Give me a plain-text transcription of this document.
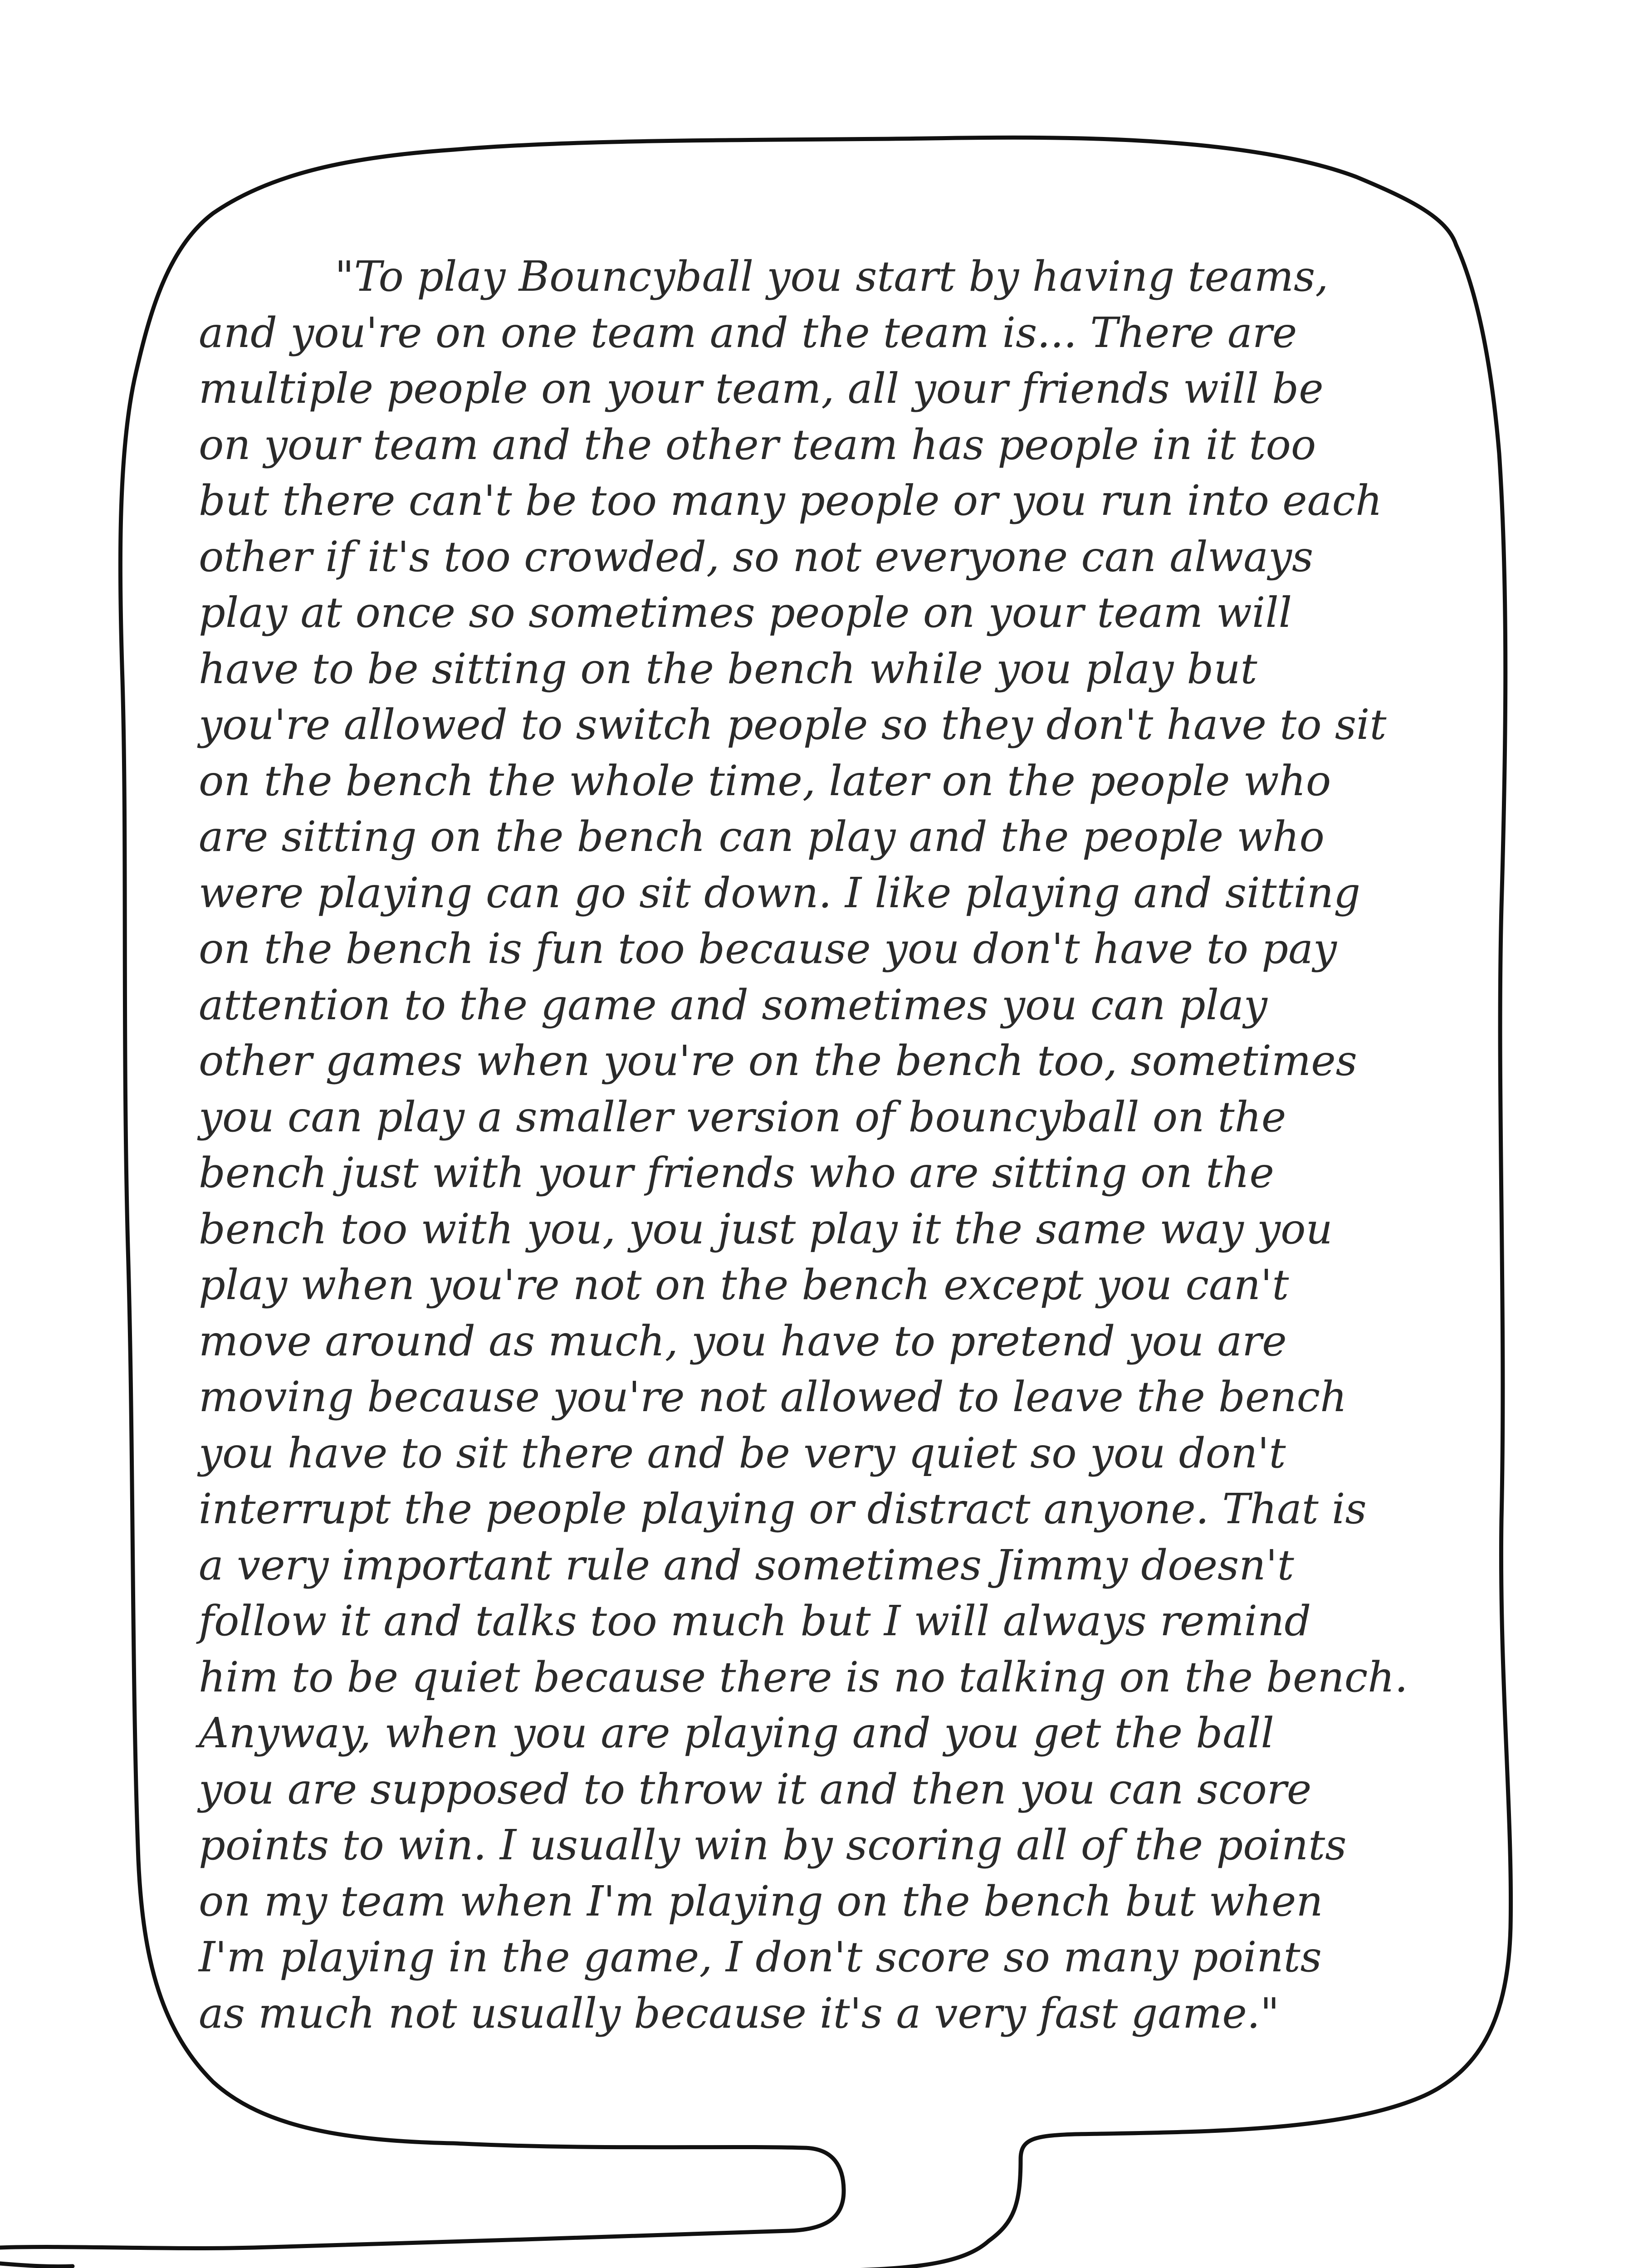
"To play Bouncyball you start by having teams,
and you're on one team and the team is... There are
multiple people on your team, all your friends will be
on your team and the other team has people in it too
but there can't be too many people or you run into each
other if it's too crowded, so not everyone can always
play at once so sometimes people on your team will
have to be sitting on the bench while you play but
you're allowed to switch people so they don't have to sit
on the bench the whole time, later on the people who
are sitting on the bench can play and the people who
were playing can go sit down. I like playing and sitting
on the bench is fun too because you don't have to pay
attention to the game and sometimes you can play
other games when you're on the bench too, sometimes
you can play a smaller version of bouncyball on the
bench just with your friends who are sitting on the
bench too with you, you just play it the same way you
play when you're not on the bench except you can't
move around as much, you have to pretend you are
moving because you're not allowed to leave the bench
you have to sit there and be very quiet so you don't
interrupt the people playing or distract anyone. That is
a very important rule and sometimes Jimmy doesn't
follow it and talks too much but I will always remind
him to be quiet because there is no talking on the bench.
Anyway, when you are playing and you get the ball
you are supposed to throw it and then you can score
points to win. I usually win by scoring all of the points
on my team when I'm playing on the bench but when
I'm playing in the game, I don't score so many points
as much not usually because it's a very fast game."
